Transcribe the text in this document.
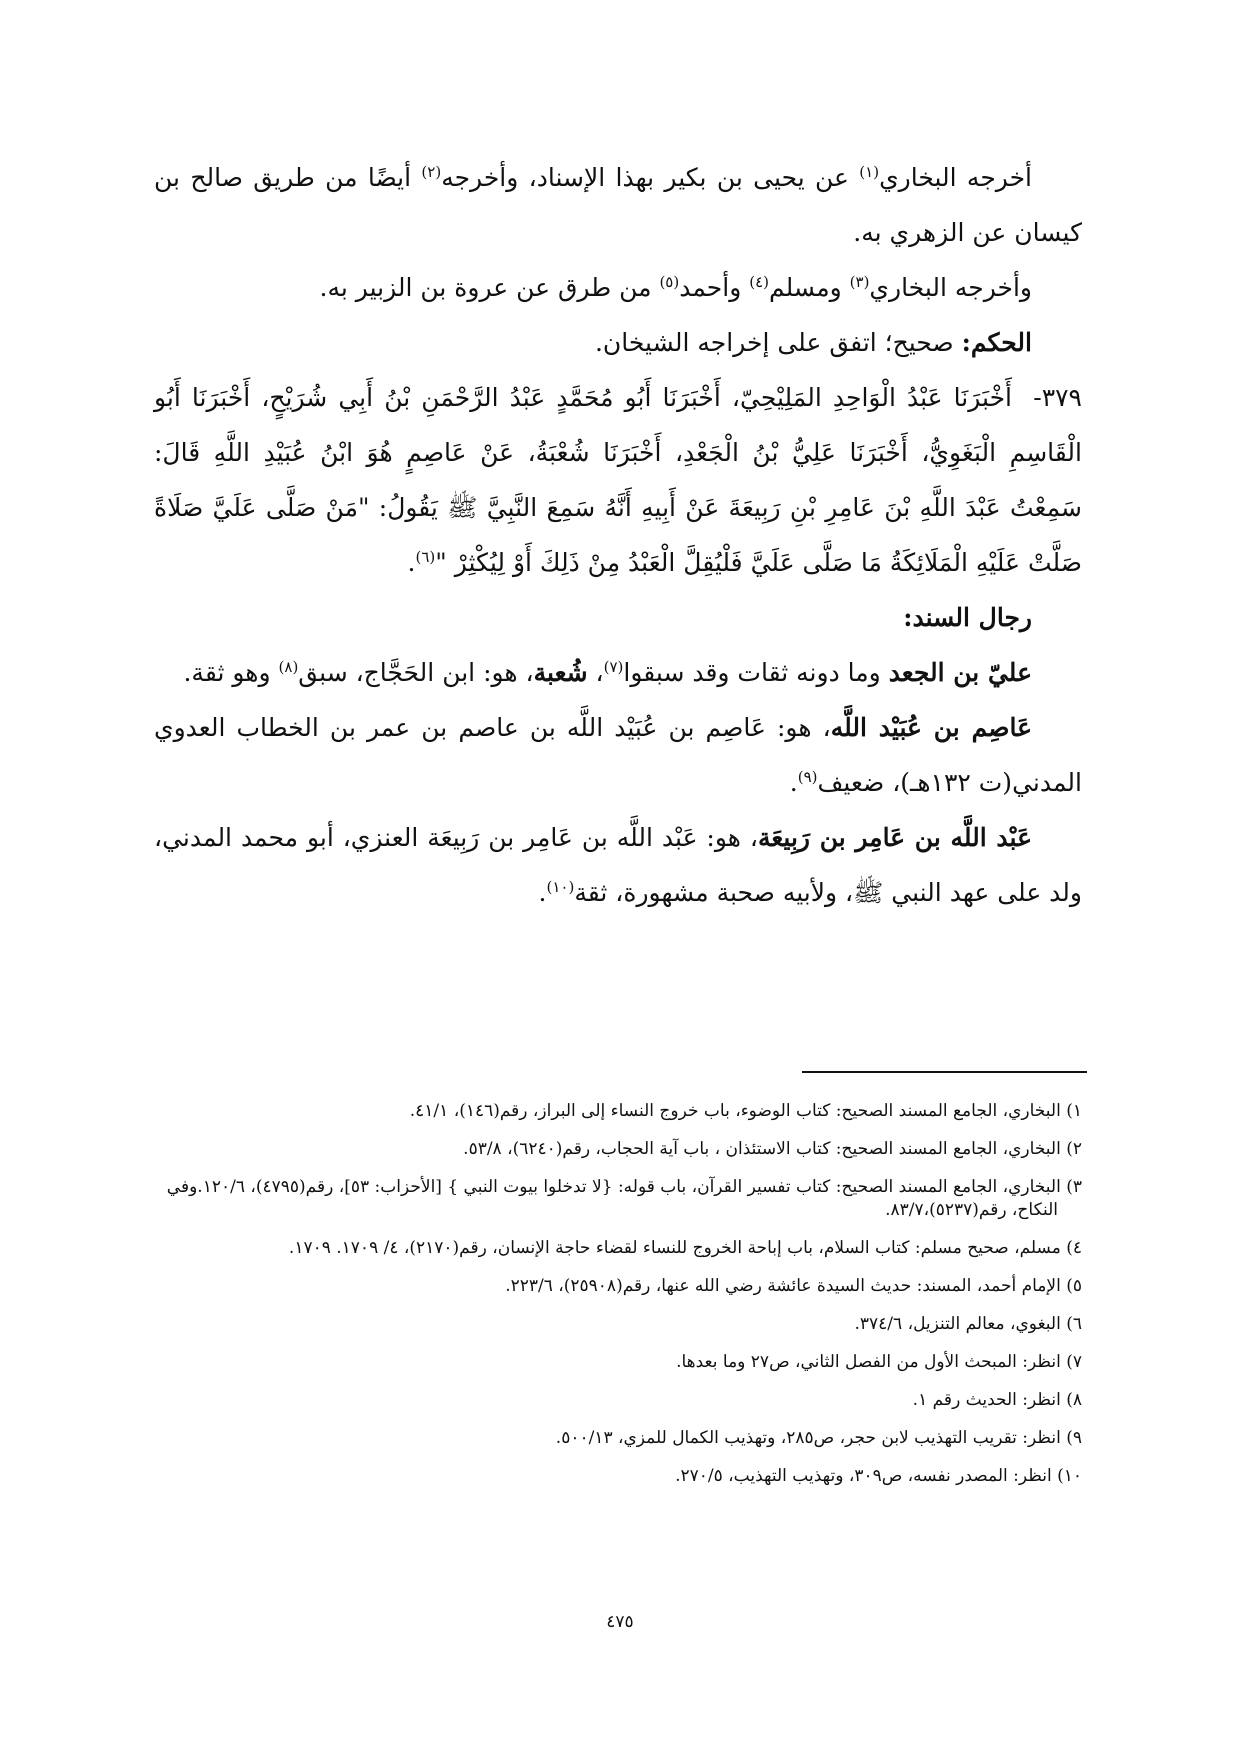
أخرجه البخاري$^{(١)}$ عن يحيى بن بكير بهذا الإسناد، وأخرجه$^{(٢)}$ أيضًا من طريق صالح بن كيسان عن الزهري به.

وأخرجه البخاري$^{(٣)}$ ومسلم$^{(٤)}$ وأحمد$^{(٥)}$ من طرق عن عروة بن الزبير به.

الحكم: صحيح؛ اتفق على إخراجه الشيخان.

٣٧٩-أَخْبَرَنَا عَبْدُ الْوَاحِدِ المَلِيْحِيّ، أَخْبَرَنَا أَبُو مُحَمَّدٍ عَبْدُ الرَّحْمَنِ بْنُ أَبِي شُرَيْحٍ، أَخْبَرَنَا أَبُو الْقَاسِمِ الْبَغَوِيُّ، أَخْبَرَنَا عَلِيُّ بْنُ الْجَعْدِ، أَخْبَرَنَا شُعْبَةُ، عَنْ عَاصِمٍ هُوَ ابْنُ عُبَيْدِ اللَّهِ قَالَ: سَمِعْتُ عَبْدَ اللَّهِ بْنَ عَامِرِ بْنِ رَبِيعَةَ عَنْ أَبِيهِ أَنَّهُ سَمِعَ النَّبِيَّ ﷺ يَقُولُ: "مَنْ صَلَّى عَلَيَّ صَلَاةً صَلَّتْ عَلَيْهِ الْمَلَائِكَةُ مَا صَلَّى عَلَيَّ فَلْيُقِلَّ الْعَبْدُ مِنْ ذَلِكَ أَوْ لِيُكْثِرْ "$^{(٦)}$.

رجال السند:

عليّ بن الجعد وما دونه ثقات وقد سبقوا$^{(٧)}$، شُعبة، هو: ابن الحَجَّاج، سبق$^{(٨)}$ وهو ثقة.

عَاصِم بن عُبَيْد اللَّه، هو: عَاصِم بن عُبَيْد اللَّه بن عاصم بن عمر بن الخطاب العدوي المدني(ت ١٣٢هـ)، ضعيف$^{(٩)}$.

عَبْد اللَّه بن عَامِر بن رَبِيعَة، هو: عَبْد اللَّه بن عَامِر بن رَبِيعَة العنزي، أبو محمد المدني، ولد على عهد النبي ﷺ، ولأبيه صحبة مشهورة، ثقة$^{(١٠)}$.

١) البخاري، الجامع المسند الصحيح: كتاب الوضوء، باب خروج النساء إلى البراز، رقم(١٤٦)، ٤١/١.

٢) البخاري، الجامع المسند الصحيح: كتاب الاستئذان ، باب آية الحجاب، رقم(٦٢٤٠)، ٥٣/٨.

٣) البخاري، الجامع المسند الصحيح: كتاب تفسير القرآن، باب قوله: {لا تدخلوا بيوت النبي } [الأحزاب: ٥٣]، رقم(٤٧٩٥)، ١٢٠/٦.وفي النكاح، رقم(٥٢٣٧)،٨٣/٧.

٤) مسلم، صحيح مسلم: كتاب السلام، باب إباحة الخروج للنساء لقضاء حاجة الإنسان، رقم(٢١٧٠)، ٤/ ١٧٠٩. ١٧٠٩.

٥) الإمام أحمد، المسند: حديث السيدة عائشة رضي الله عنها، رقم(٢٥٩٠٨)، ٢٢٣/٦.

٦) البغوي، معالم التنزيل، ٣٧٤/٦.

٧) انظر: المبحث الأول من الفصل الثاني، ص٢٧ وما بعدها.

٨) انظر: الحديث رقم ١.

٩) انظر: تقريب التهذيب لابن حجر، ص٢٨٥، وتهذيب الكمال للمزي، ٥٠٠/١٣.

١٠) انظر: المصدر نفسه، ص٣٠٩، وتهذيب التهذيب، ٢٧٠/٥.

٤٧٥
